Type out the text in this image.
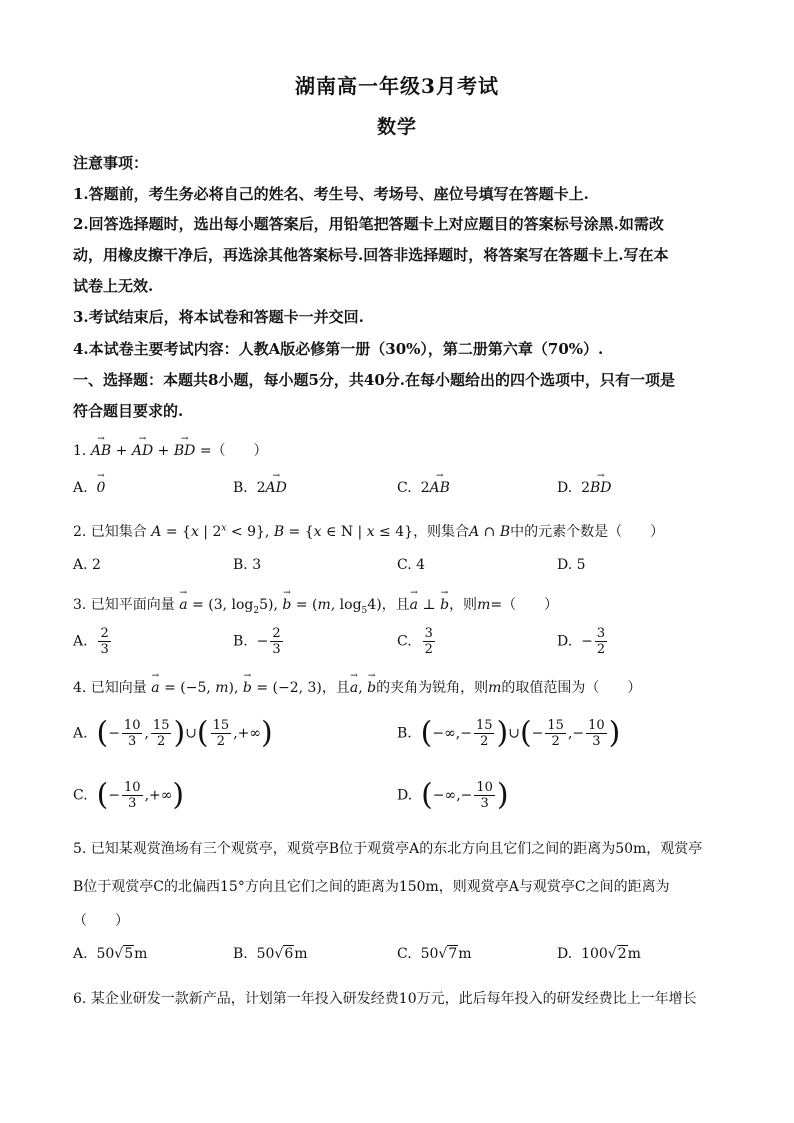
湖南高一年级3月考试
数学
注意事项：
1.答题前，考生务必将自己的姓名、考生号、考场号、座位号填写在答题卡上.
2.回答选择题时，选出每小题答案后，用铅笔把答题卡上对应题目的答案标号涂黑.如需改
动，用橡皮擦干净后，再选涂其他答案标号.回答非选择题时，将答案写在答题卡上.写在本
试卷上无效.
3.考试结束后，将本试卷和答题卡一并交回.
4.本试卷主要考试内容：人教A版必修第一册（30%），第二册第六章（70%）.
一、选择题：本题共8小题，每小题5分，共40分.在每小题给出的四个选项中，只有一项是
符合题目要求的.
1. → AB + → AD + → BD =（　　）
A.  → 0	B.  2→ AD	C.  2→ AB	D.  2→ BD
2. 已知集合 A = {x | $2^x < 9$}, B = {x ∈ N | x ≤ 4}，则集合A ∩ B中的元素个数是（　　）
A. 2	B. 3	C. 4	D. 5
3. 已知平面向量 → a = (3, $\log_25$), → b = (m, $\log_54$)，且→ a ⊥ → b，则m=（　　）
A. $\frac{2}{3}$	B.  − $\frac{2}{3}$	C. $\frac{3}{2}$	D.  − $\frac{3}{2}$
4. 已知向量 → a = (−5, m), → b = (−2, 3)，且→ a, → b的夹角为锐角，则m的取值范围为（　　）
A.  (− $\frac{10}{3}$ , $\frac{15}{2}$ )∪( $\frac{15}{2}$ ,+∞)	B.  (−∞,− $\frac{15}{2}$ )∪(− $\frac{15}{2}$ ,− $\frac{10}{3}$ )
C.  (− $\frac{10}{3}$ ,+∞)	D.  (−∞,− $\frac{10}{3}$ )
5. 已知某观赏渔场有三个观赏亭，观赏亭B位于观赏亭A的东北方向且它们之间的距离为50m，观赏亭
B位于观赏亭C的北偏西15°方向且它们之间的距离为150m，则观赏亭A与观赏亭C之间的距离为
（　　）
A.  50√5m	B.  50√6m	C.  50√7m	D.  100√2m
6. 某企业研发一款新产品，计划第一年投入研发经费10万元，此后每年投入的研发经费比上一年增长
